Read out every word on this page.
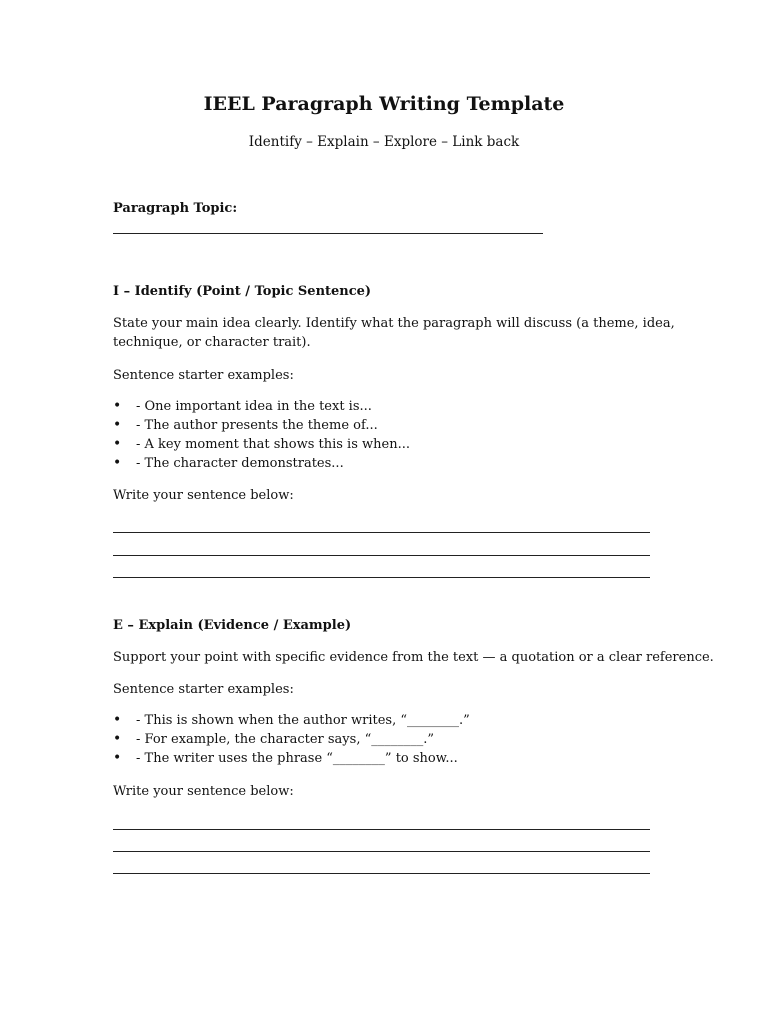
IEEL Paragraph Writing Template
Identify – Explain – Explore – Link back
Paragraph Topic:
I – Identify (Point / Topic Sentence)
State your main idea clearly. Identify what the paragraph will discuss (a theme, idea,
technique, or character trait).
Sentence starter examples:
• - One important idea in the text is...
• - The author presents the theme of...
• - A key moment that shows this is when...
• - The character demonstrates...
Write your sentence below:
E – Explain (Evidence / Example)
Support your point with specific evidence from the text — a quotation or a clear reference.
Sentence starter examples:
• - This is shown when the author writes, “________.”
• - For example, the character says, “________.”
• - The writer uses the phrase “________” to show...
Write your sentence below:
